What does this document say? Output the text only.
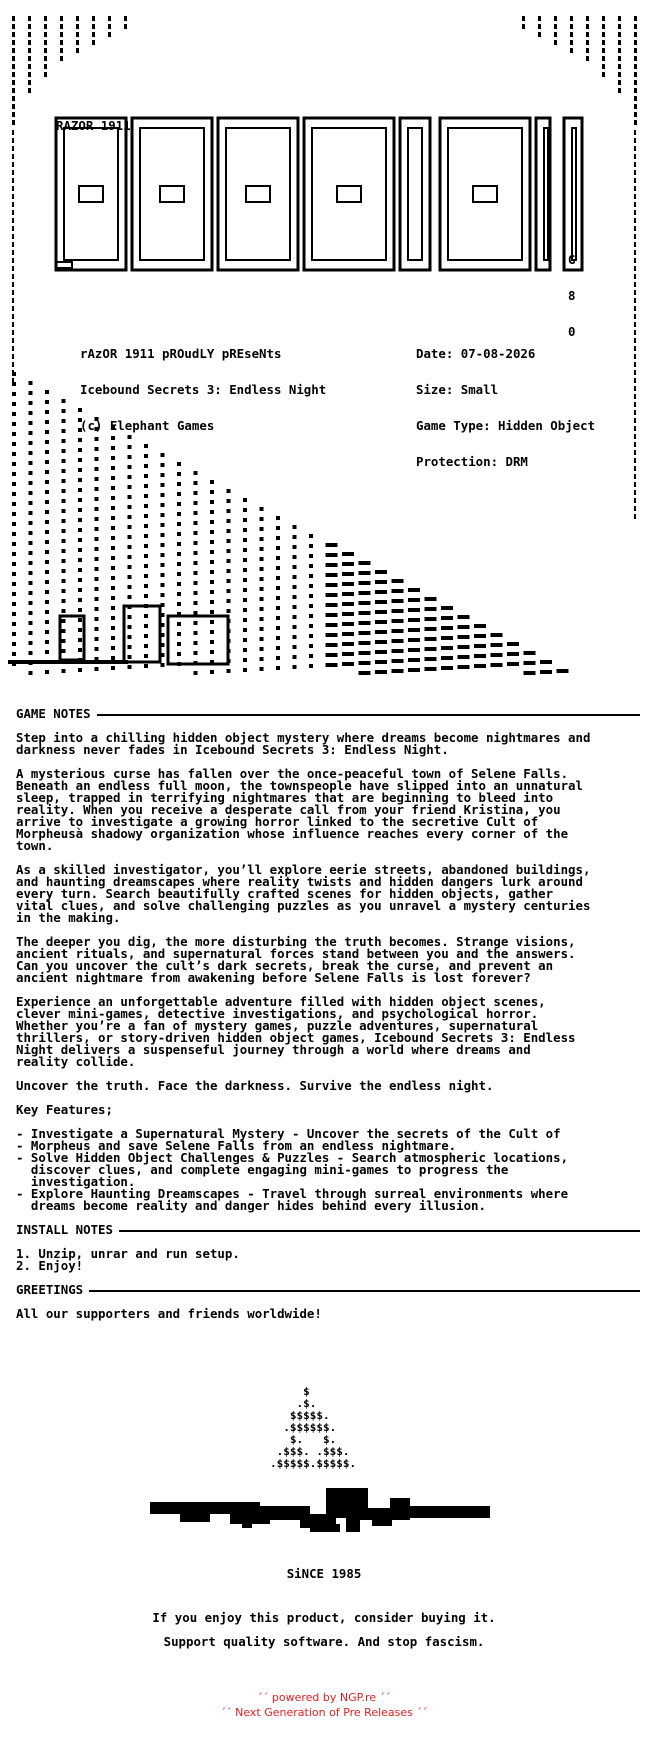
RAZOR 1911

G

8

0

rAzOR 1911 pROudLY pREseNts

Icebound Secrets 3: Endless Night

(c) Elephant Games

Date: 07-08-2026

Size: Small

Game Type: Hidden Object

Protection: DRM

GAME NOTES

Step into a chilling hidden object mystery where dreams become nightmares and
darkness never fades in Icebound Secrets 3: Endless Night.
A mysterious curse has fallen over the once-peaceful town of Selene Falls.
Beneath an endless full moon, the townspeople have slipped into an unnatural
sleep, trapped in terrifying nightmares that are beginning to bleed into
reality. When you receive a desperate call from your friend Kristina, you
arrive to investigate a growing horror linked to the secretive Cult of
Morpheusà shadowy organization whose influence reaches every corner of the
town.
As a skilled investigator, you’ll explore eerie streets, abandoned buildings,
and haunting dreamscapes where reality twists and hidden dangers lurk around
every turn. Search beautifully crafted scenes for hidden objects, gather
vital clues, and solve challenging puzzles as you unravel a mystery centuries
in the making.
The deeper you dig, the more disturbing the truth becomes. Strange visions,
ancient rituals, and supernatural forces stand between you and the answers.
Can you uncover the cult’s dark secrets, break the curse, and prevent an
ancient nightmare from awakening before Selene Falls is lost forever?
Experience an unforgettable adventure filled with hidden object scenes,
clever mini-games, detective investigations, and psychological horror.
Whether you’re a fan of mystery games, puzzle adventures, supernatural
thrillers, or story-driven hidden object games, Icebound Secrets 3: Endless
Night delivers a suspenseful journey through a world where dreams and
reality collide.
Uncover the truth. Face the darkness. Survive the endless night.
Key Features;
- Investigate a Supernatural Mystery - Uncover the secrets of the Cult of
- Morpheus and save Selene Falls from an endless nightmare.
- Solve Hidden Object Challenges & Puzzles - Search atmospheric locations,
discover clues, and complete engaging mini-games to progress the
investigation.
- Explore Haunting Dreamscapes - Travel through surreal environments where
dreams become reality and danger hides behind every illusion.

INSTALL NOTES

1. Unzip, unrar and run setup.
2. Enjoy!

GREETINGS

All our supporters and friends worldwide!
$
.$.
$$$$$.
.$$$$$$.
$.   $.
.$$$. .$$$.
.$$$$$.$$$$$.
SiNCE 1985
If you enjoy this product, consider buying it.
Support quality software. And stop fascism.
´´ powered by NGP.re ´´
´´ Next Generation of Pre Releases ´´
